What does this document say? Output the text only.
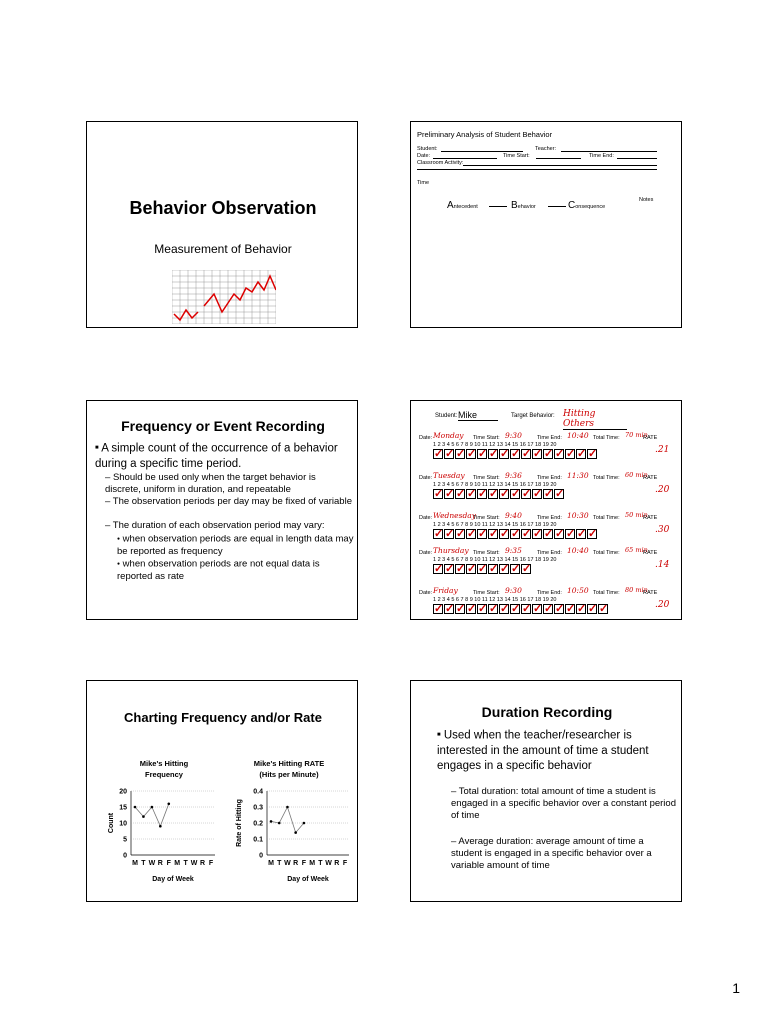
Behavior Observation
Measurement of Behavior
Preliminary Analysis of Student Behavior
Student:	Teacher:
Date:	Time Start:	Time End:
Classroom Activity:
Time
Notes
Antecedent	Behavior	Consequence
Frequency or Event Recording
■ A simple count of the occurrence of a behavior during a specific time period.
– Should be used only when the target behavior is discrete, uniform in duration, and repeatable
– The observation periods per day may be fixed of variable
– The duration of each observation period may vary:
● when observation periods are equal in length data may be reported as frequency
● when observation periods are not equal data is reported as rate
Student: Mike	Target Behavior: Hitting Others
Date: Monday Time Start: 9:30	Time End: 10:40 Total Time: 70 min
RATE
.21
1 2 3 4 5 6 7 8 9 10 11 12 13 14 15 16 17 18 19 20
✓ ✓ ✓ ✓ ✓ ✓ ✓ ✓ ✓ ✓ ✓ ✓ ✓ ✓ ✓
Date: Tuesday Time Start: 9:36	Time End: 11:30 Total Time: 60 min
RATE
.20
1 2 3 4 5 6 7 8 9 10 11 12 13 14 15 16 17 18 19 20
✓ ✓ ✓ ✓ ✓ ✓ ✓ ✓ ✓ ✓ ✓ ✓
Date: Wednesday
Time Start: 9:40	Time End: 10:30 Total Time: 50 min
RATE
.30
1 2 3 4 5 6 7 8 9 10 11 12 13 14 15 16 17 18 19 20
✓ ✓ ✓ ✓ ✓ ✓ ✓ ✓ ✓ ✓ ✓ ✓ ✓ ✓ ✓
Date: Thursday Time Start: 9:35	Time End: 10:40 Total Time: 65 min
RATE
.14
1 2 3 4 5 6 7 8 9 10 11 12 13 14 15 16 17 18 19 20
✓ ✓ ✓ ✓ ✓ ✓ ✓ ✓ ✓
Date: Friday	Time Start: 9:30	Time End: 10:50 Total Time: 80 min
RATE
.20
1 2 3 4 5 6 7 8 9 10 11 12 13 14 15 16 17 18 19 20
✓ ✓ ✓ ✓ ✓ ✓ ✓ ✓ ✓ ✓ ✓ ✓ ✓ ✓ ✓ ✓
Charting Frequency and/or Rate
Mike's Hitting Frequency
Mike's Hitting RATE (Hits per Minute)
Count
0
5
10
15
20
M T W R F M T W R F
Day of Week
Rate of Hitting
0
0.1
0.2
0.3
0.4
M T W R F M T W R F
Day of Week
Duration Recording
■ Used when the teacher/researcher is interested in the amount of time a student engages in a specific behavior
– Total duration: total amount of time a student is engaged in a specific behavior over a constant period of time
– Average duration: average amount of time a student is engaged in a specific behavior over a variable amount of time
1
